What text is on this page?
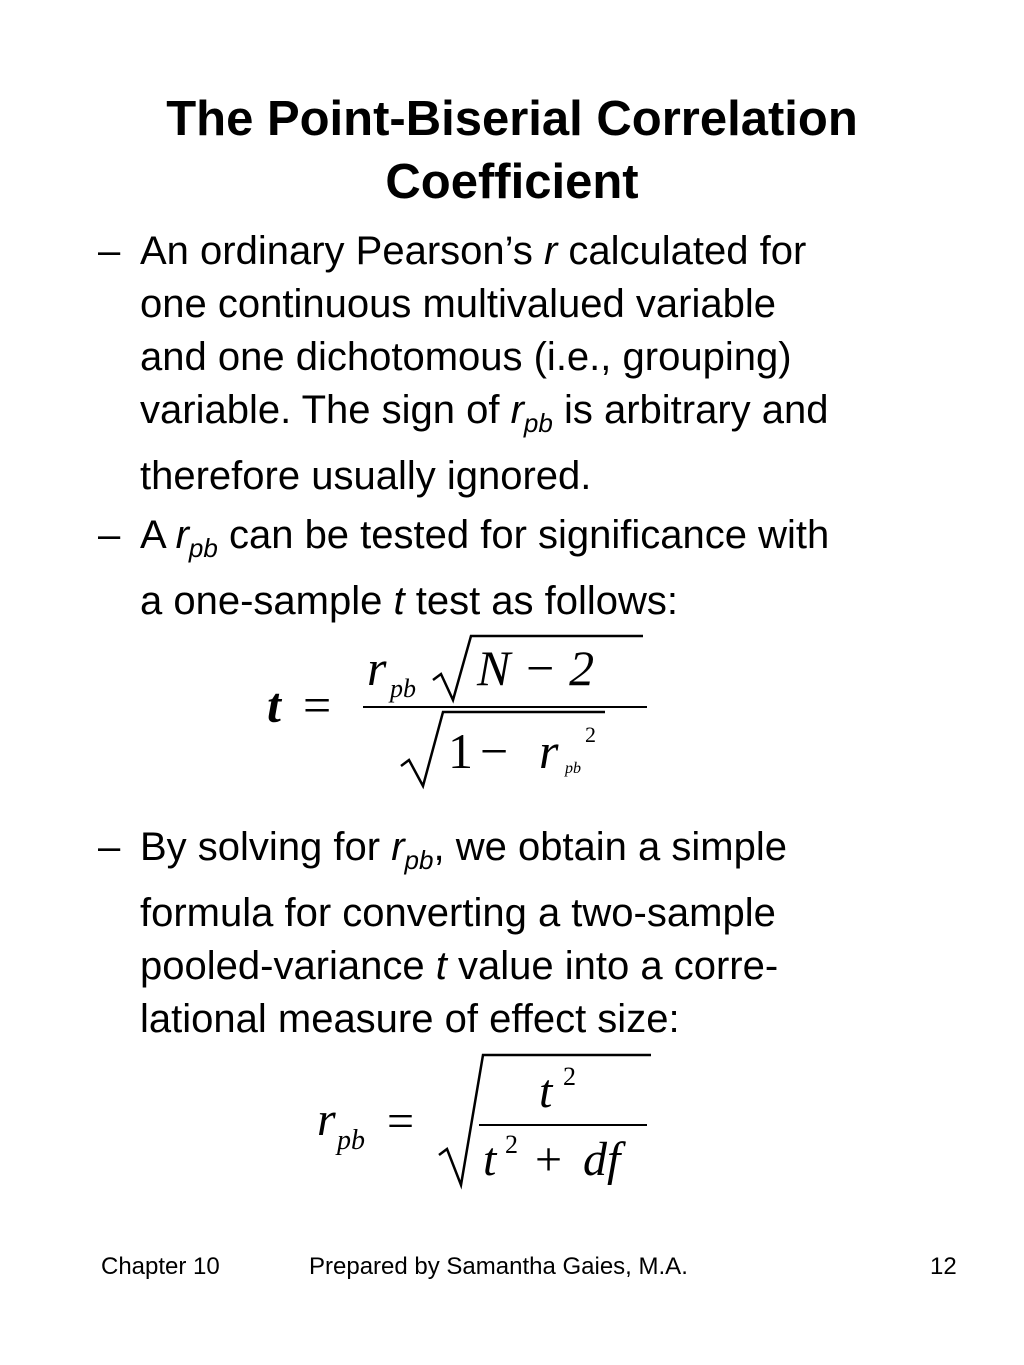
The Point-Biserial Correlation
Coefficient
– An ordinary Pearson’s r calculated for
one continuous multivalued variable
and one dichotomous (i.e., grouping)
variable. The sign of $r_{pb}$ is arbitrary and
therefore usually ignored.
– A $r_{pb}$ can be tested for significance with
a one-sample t test as follows:
t =
r pb N − 2
1 − r 2
pb
– By solving for $r_{pb}$, we obtain a simple
formula for converting a two-sample
pooled-variance t value into a corre-
lational measure of effect size:
r pb =
t 2
t 2 + df
Chapter 10	Prepared by Samantha Gaies, M.A.	12
